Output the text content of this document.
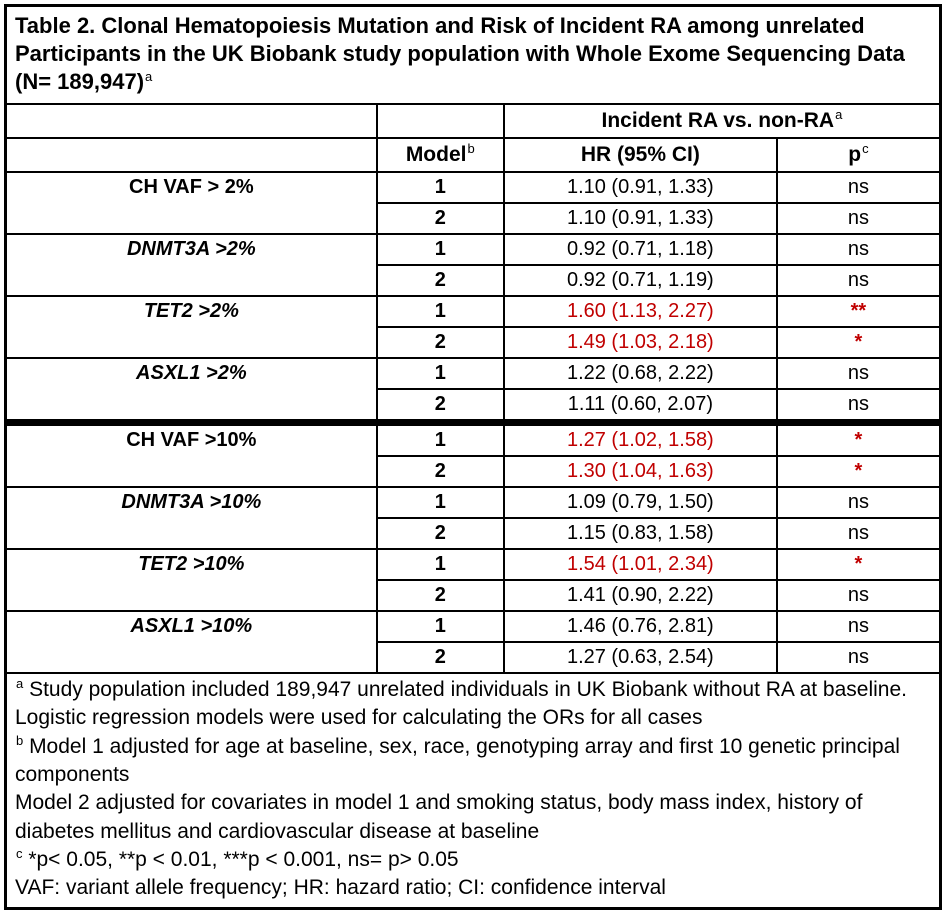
Table 2. Clonal Hematopoiesis Mutation and Risk of Incident RA among unrelated Participants in the UK Biobank study population with Whole Exome Sequencing Data (N= 189,947)$^a$
		Incident RA vs. non-$RA^a$
	Model$^b$	HR (95% CI)	$p^c$
CH VAF > 2%	1	1.10 (0.91, 1.33)	ns
	2	1.10 (0.91, 1.33)	ns
DNMT3A >2%	1	0.92 (0.71, 1.18)	ns
	2	0.92 (0.71, 1.19)	ns
TET2 >2%	1	1.60 (1.13, 2.27)	**
	2	1.49 (1.03, 2.18)	*
ASXL1 >2%	1	1.22 (0.68, 2.22)	ns
	2	1.11 (0.60, 2.07)	ns
CH VAF >10%	1	1.27 (1.02, 1.58)	*
	2	1.30 (1.04, 1.63)	*
DNMT3A >10%	1	1.09 (0.79, 1.50)	ns
	2	1.15 (0.83, 1.58)	ns
TET2 >10%	1	1.54 (1.01, 2.34)	*
	2	1.41 (0.90, 2.22)	ns
ASXL1 >10%	1	1.46 (0.76, 2.81)	ns
	2	1.27 (0.63, 2.54)	ns

$^a$ Study population included 189,947 unrelated individuals in UK Biobank without RA at baseline. Logistic regression models were used for calculating the ORs for all cases

$^b$ Model 1 adjusted for age at baseline, sex, race, genotyping array and first 10 genetic principal components

Model 2 adjusted for covariates in model 1 and smoking status, body mass index, history of diabetes mellitus and cardiovascular disease at baseline

$^c$ *p< 0.05, **p < 0.01, ***p < 0.001, ns= p> 0.05

VAF: variant allele frequency; HR: hazard ratio; CI: confidence interval			
